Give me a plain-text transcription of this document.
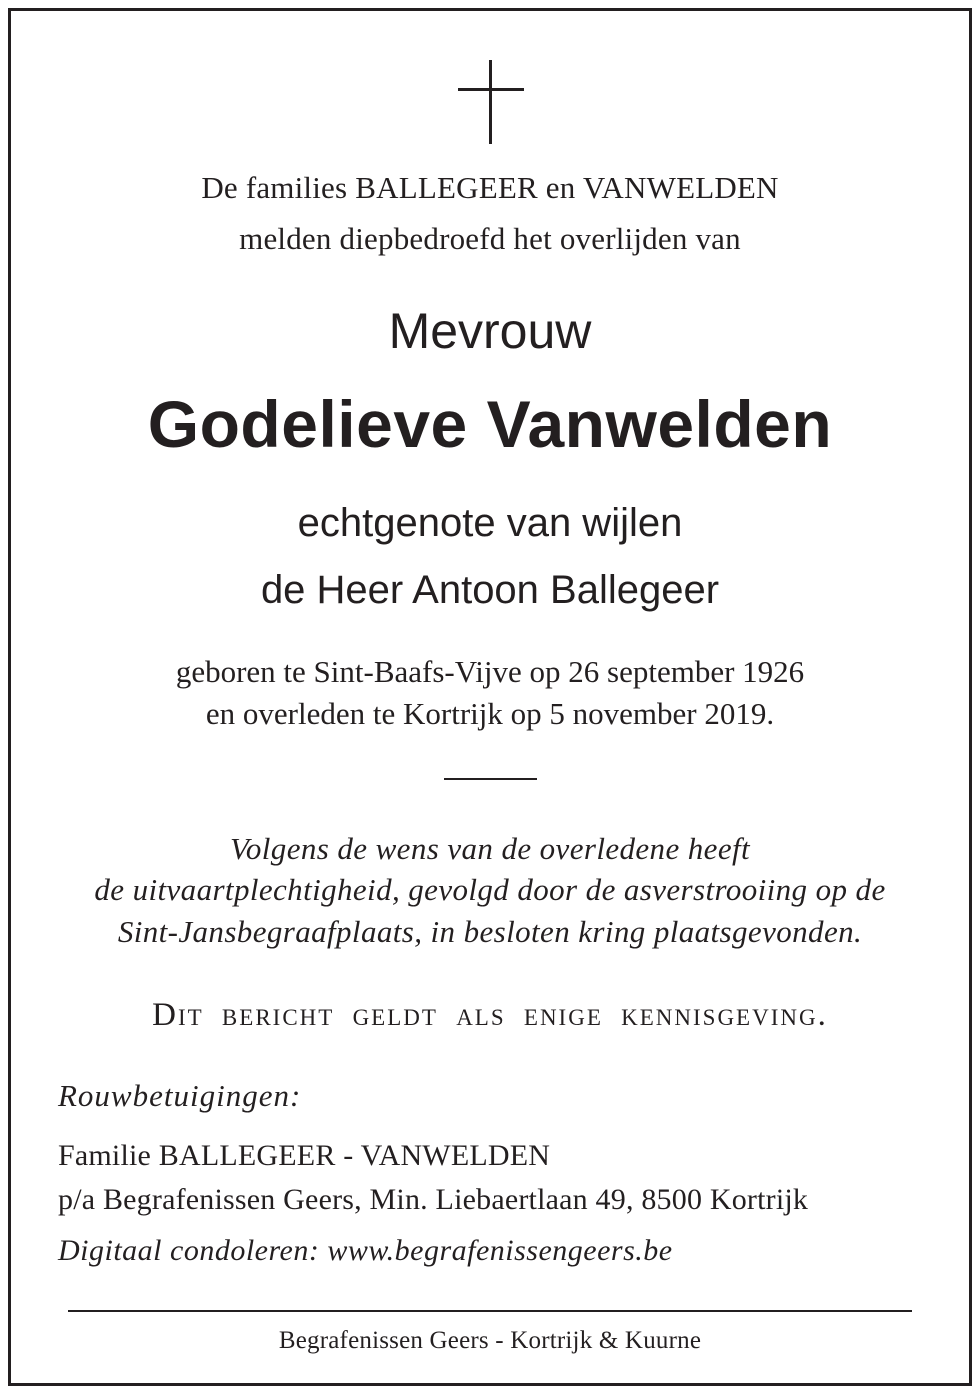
De families BALLEGEER en VANWELDEN
melden diepbedroefd het overlijden van
Mevrouw
Godelieve Vanwelden
echtgenote van wijlen
de Heer Antoon Ballegeer
geboren te Sint-Baafs-Vijve op 26 september 1926
en overleden te Kortrijk op 5 november 2019.
Volgens de wens van de overledene heeft
de uitvaartplechtigheid, gevolgd door de asverstrooiing op de
Sint-Jansbegraafplaats, in besloten kring plaatsgevonden.
Dit bericht geldt als enige kennisgeving.
Rouwbetuigingen:
Familie BALLEGEER - VANWELDEN
p/a Begrafenissen Geers, Min. Liebaertlaan 49, 8500 Kortrijk
Digitaal condoleren: www.begrafenissengeers.be
Begrafenissen Geers - Kortrijk & Kuurne
